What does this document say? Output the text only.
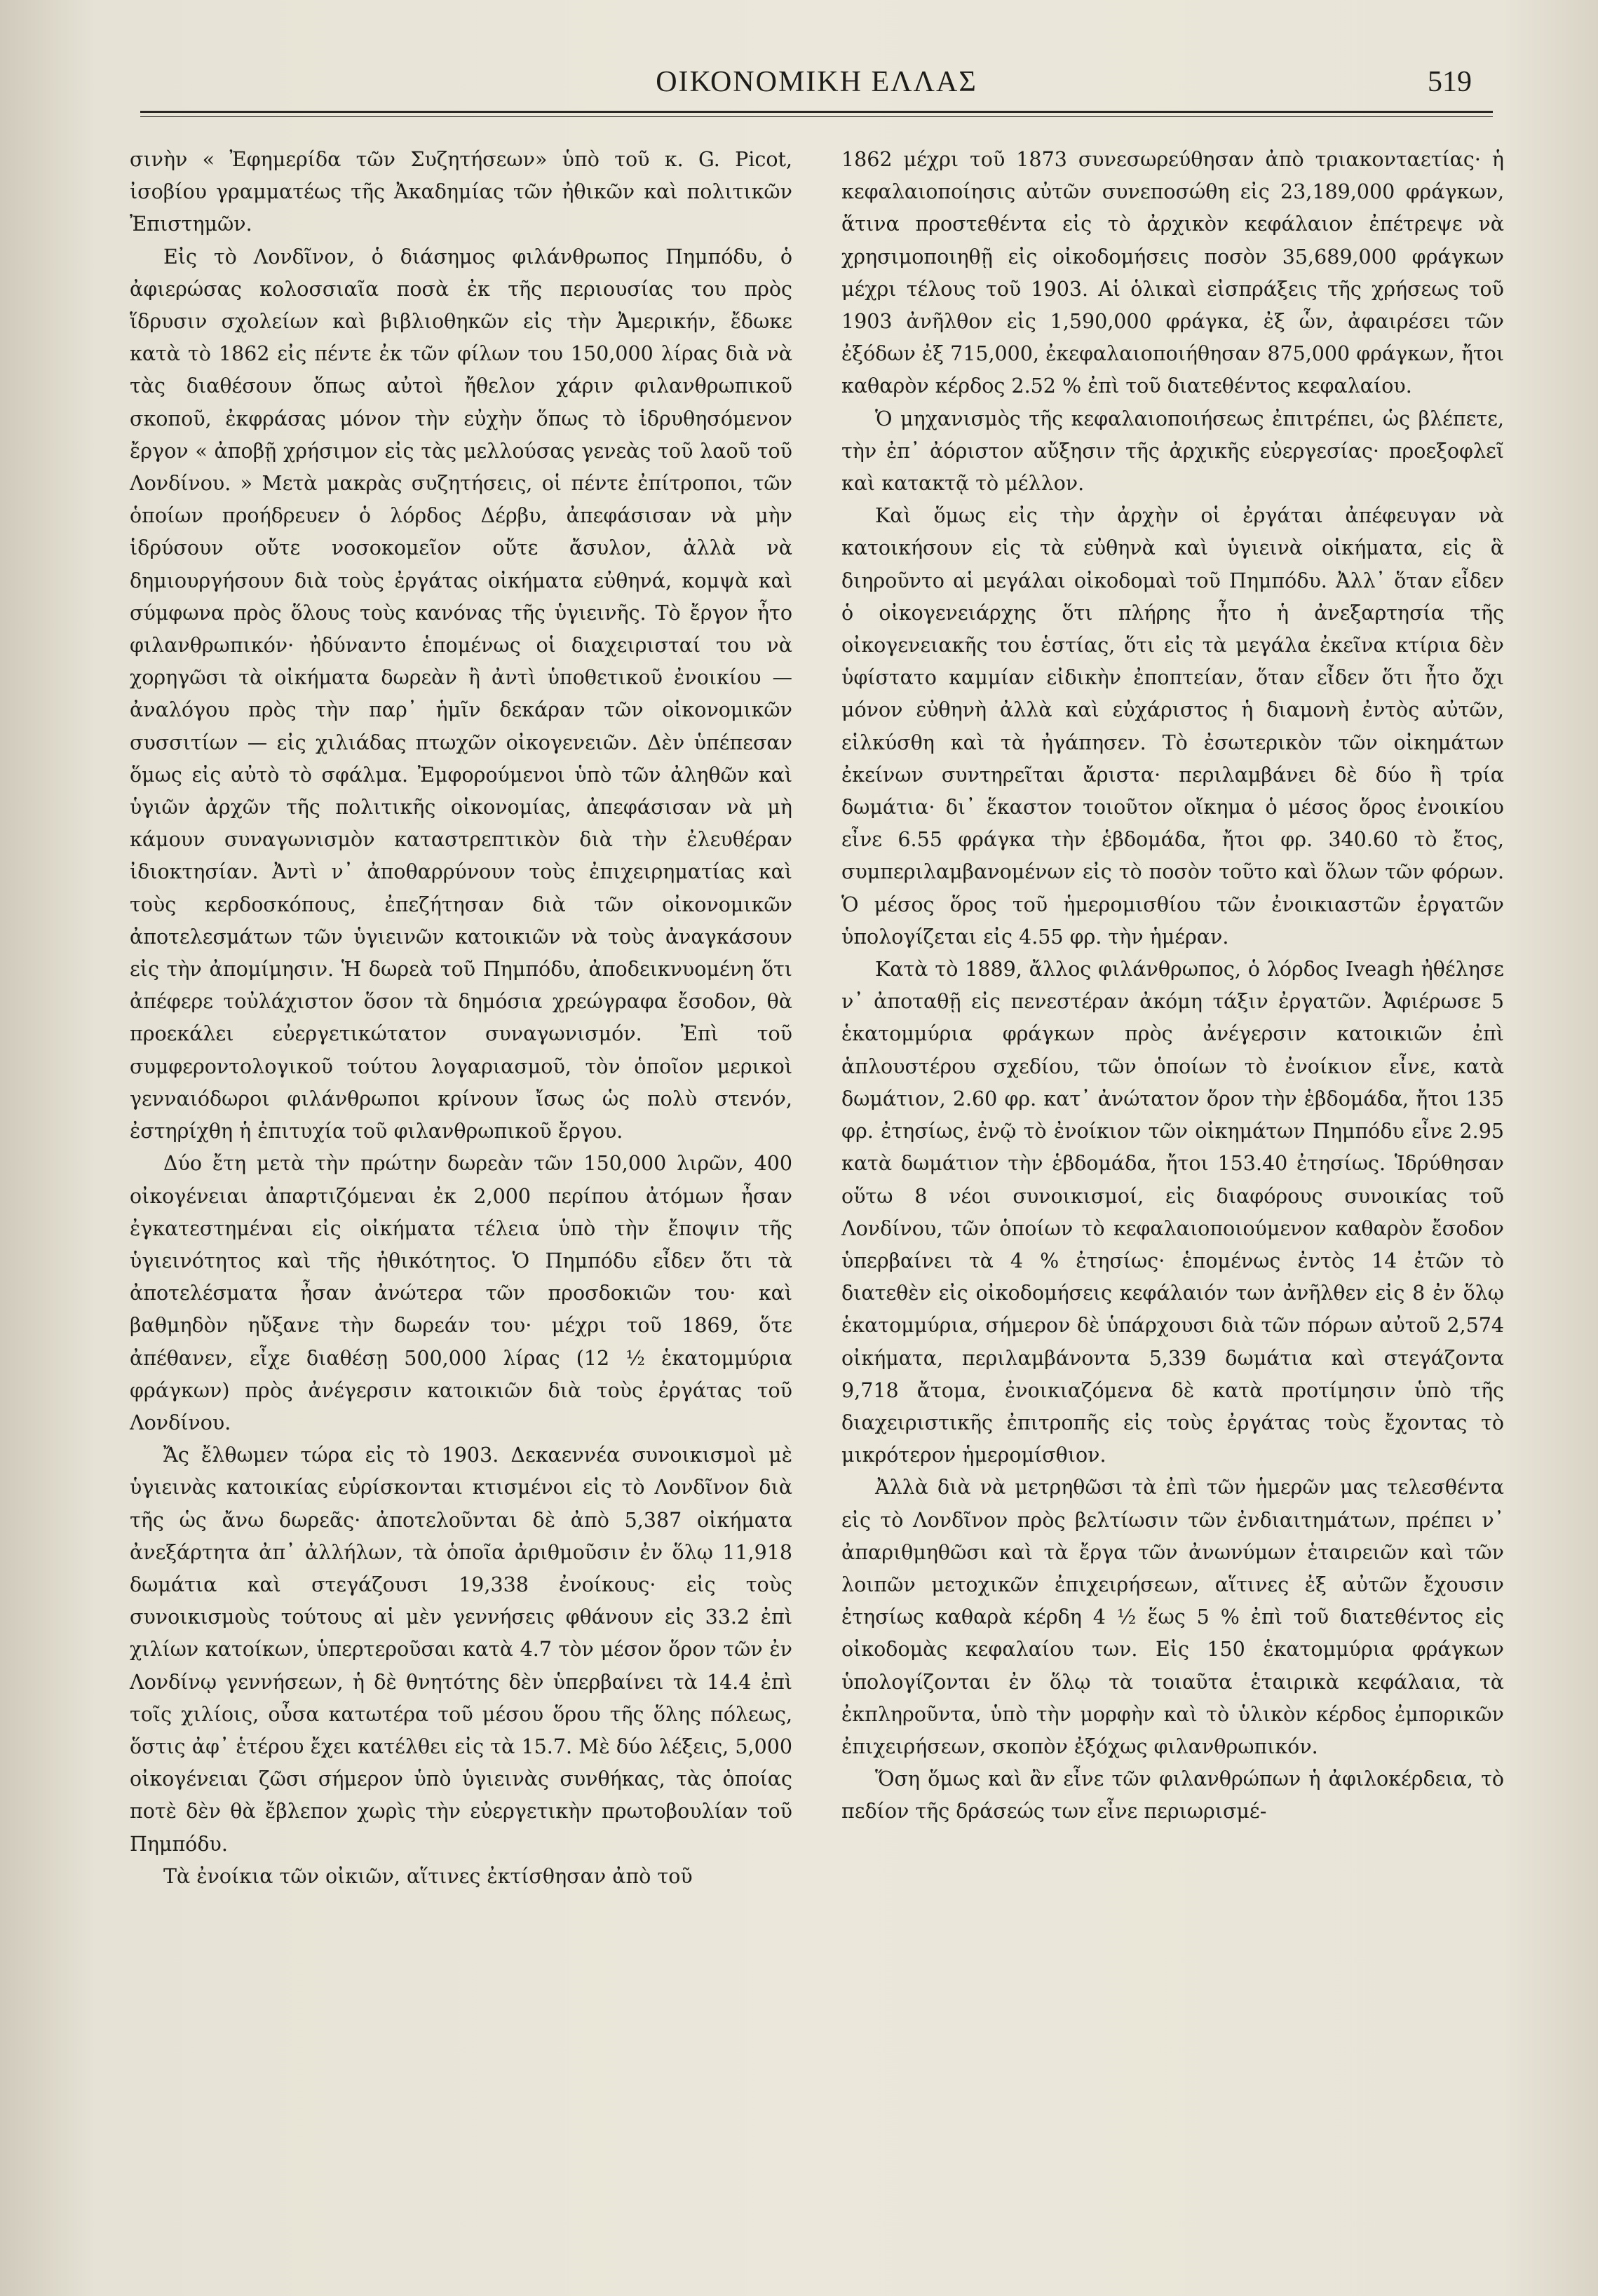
ΟΙΚΟΝΟΜΙΚΗ ΕΛΛΑΣ	519

σινὴν « Ἐφημερίδα τῶν Συζητήσεων» ὑπὸ τοῦ κ. G. Picot, ἰσοβίου γραμματέως τῆς Ἀκαδημίας τῶν ἠθικῶν καὶ πολιτικῶν Ἐπιστημῶν.

Εἰς τὸ Λονδῖνον, ὁ διάσημος φιλάνθρωπος Πημπόδυ, ὁ ἀφιερώσας κολοσσιαῖα ποσὰ ἐκ τῆς περιουσίας του πρὸς ἵδρυσιν σχολείων καὶ βιβλιοθηκῶν εἰς τὴν Ἀμερικήν, ἔδωκε κατὰ τὸ 1862 εἰς πέντε ἐκ τῶν φίλων του 150,000 λίρας διὰ νὰ τὰς διαθέσουν ὅπως αὐτοὶ ἤθελον χάριν φιλανθρωπικοῦ σκοποῦ, ἐκφράσας μόνον τὴν εὐχὴν ὅπως τὸ ἱδρυθησόμενον ἔργον « ἀποβῇ χρήσιμον εἰς τὰς μελλούσας γενεὰς τοῦ λαοῦ τοῦ Λονδίνου. » Μετὰ μακρὰς συζητήσεις, οἱ πέντε ἐπίτροποι, τῶν ὁποίων προήδρευεν ὁ λόρδος Δέρβυ, ἀπεφάσισαν νὰ μὴν ἱδρύσουν οὔτε νοσοκομεῖον οὔτε ἄσυλον, ἀλλὰ νὰ δημιουργήσουν διὰ τοὺς ἐργάτας οἰκήματα εὐθηνά, κομψὰ καὶ σύμφωνα πρὸς ὅλους τοὺς κανόνας τῆς ὑγιεινῆς. Τὸ ἔργον ἦτο φιλανθρωπικόν· ἠδύναντο ἑπομένως οἱ διαχειρισταί του νὰ χορηγῶσι τὰ οἰκήματα δωρεὰν ἢ ἀντὶ ὑποθετικοῦ ἐνοικίου — ἀναλόγου πρὸς τὴν παρ᾽ ἡμῖν δεκάραν τῶν οἰκονομικῶν συσσιτίων — εἰς χιλιάδας πτωχῶν οἰκογενειῶν. Δὲν ὑπέπεσαν ὅμως εἰς αὐτὸ τὸ σφάλμα. Ἐμφορούμενοι ὑπὸ τῶν ἀληθῶν καὶ ὑγιῶν ἀρχῶν τῆς πολιτικῆς οἰκονομίας, ἀπεφάσισαν νὰ μὴ κάμουν συναγωνισμὸν καταστρεπτικὸν διὰ τὴν ἐλευθέραν ἰδιοκτησίαν. Ἀντὶ ν᾽ ἀποθαρρύνουν τοὺς ἐπιχειρηματίας καὶ τοὺς κερδοσκόπους, ἐπεζήτησαν διὰ τῶν οἰκονομικῶν ἀποτελεσμάτων τῶν ὑγιεινῶν κατοικιῶν νὰ τοὺς ἀναγκάσουν εἰς τὴν ἀπομίμησιν. Ἡ δωρεὰ τοῦ Πημπόδυ, ἀποδεικνυομένη ὅτι ἀπέφερε τοὐλάχιστον ὅσον τὰ δημόσια χρεώγραφα ἔσοδον, θὰ προεκάλει εὐεργετικώτατον συναγωνισμόν. Ἐπὶ τοῦ συμφεροντολογικοῦ τούτου λογαριασμοῦ, τὸν ὁποῖον μερικοὶ γενναιόδωροι φιλάνθρωποι κρίνουν ἴσως ὡς πολὺ στενόν, ἐστηρίχθη ἡ ἐπιτυχία τοῦ φιλανθρωπικοῦ ἔργου.

Δύο ἔτη μετὰ τὴν πρώτην δωρεὰν τῶν 150,000 λιρῶν, 400 οἰκογένειαι ἀπαρτιζόμεναι ἐκ 2,000 περίπου ἀτόμων ἦσαν ἐγκατεστημέναι εἰς οἰκήματα τέλεια ὑπὸ τὴν ἔποψιν τῆς ὑγιεινότητος καὶ τῆς ἠθικότητος. Ὁ Πημπόδυ εἶδεν ὅτι τὰ ἀποτελέσματα ἦσαν ἀνώτερα τῶν προσδοκιῶν του· καὶ βαθμηδὸν ηὔξανε τὴν δωρεάν του· μέχρι τοῦ 1869, ὅτε ἀπέθανεν, εἶχε διαθέσῃ 500,000 λίρας (12 ½ ἑκατομμύρια φράγκων) πρὸς ἀνέγερσιν κατοικιῶν διὰ τοὺς ἐργάτας τοῦ Λονδίνου.

Ἄς ἔλθωμεν τώρα εἰς τὸ 1903. Δεκαεννέα συνοικισμοὶ μὲ ὑγιεινὰς κατοικίας εὑρίσκονται κτισμένοι εἰς τὸ Λονδῖνον διὰ τῆς ὡς ἄνω δωρεᾶς· ἀποτελοῦνται δὲ ἀπὸ 5,387 οἰκήματα ἀνεξάρτητα ἀπ᾽ ἀλλήλων, τὰ ὁποῖα ἀριθμοῦσιν ἐν ὅλῳ 11,918 δωμάτια καὶ στεγάζουσι 19,338 ἐνοίκους· εἰς τοὺς συνοικισμοὺς τούτους αἱ μὲν γεννήσεις φθάνουν εἰς 33.2 ἐπὶ χιλίων κατοίκων, ὑπερτεροῦσαι κατὰ 4.7 τὸν μέσον ὅρον τῶν ἐν Λονδίνῳ γεννήσεων, ἡ δὲ θνητότης δὲν ὑπερβαίνει τὰ 14.4 ἐπὶ τοῖς χιλίοις, οὖσα κατωτέρα τοῦ μέσου ὅρου τῆς ὅλης πόλεως, ὅστις ἀφ᾽ ἑτέρου ἔχει κατέλθει εἰς τὰ 15.7. Μὲ δύο λέξεις, 5,000 οἰκογένειαι ζῶσι σήμερον ὑπὸ ὑγιεινὰς συνθήκας, τὰς ὁποίας ποτὲ δὲν θὰ ἔβλεπον χωρὶς τὴν εὐεργετικὴν πρωτοβουλίαν τοῦ Πημπόδυ.

Τὰ ἐνοίκια τῶν οἰκιῶν, αἵτινες ἐκτίσθησαν ἀπὸ τοῦ

1862 μέχρι τοῦ 1873 συνεσωρεύθησαν ἀπὸ τριακονταετίας· ἡ κεφαλαιοποίησις αὐτῶν συνεποσώθη εἰς 23,189,000 φράγκων, ἅτινα προστεθέντα εἰς τὸ ἀρχικὸν κεφάλαιον ἐπέτρεψε νὰ χρησιμοποιηθῇ εἰς οἰκοδομήσεις ποσὸν 35,689,000 φράγκων μέχρι τέλους τοῦ 1903. Αἱ ὁλικαὶ εἰσπράξεις τῆς χρήσεως τοῦ 1903 ἀνῆλθον εἰς 1,590,000 φράγκα, ἐξ ὧν, ἀφαιρέσει τῶν ἐξόδων ἐξ 715,000, ἐκεφαλαιοποιήθησαν 875,000 φράγκων, ἤτοι καθαρὸν κέρδος 2.52 % ἐπὶ τοῦ διατεθέντος κεφαλαίου.

Ὁ μηχανισμὸς τῆς κεφαλαιοποιήσεως ἐπιτρέπει, ὡς βλέπετε, τὴν ἐπ᾽ ἀόριστον αὔξησιν τῆς ἀρχικῆς εὐεργεσίας· προεξοφλεῖ καὶ κατακτᾷ τὸ μέλλον.

Καὶ ὅμως εἰς τὴν ἀρχὴν οἱ ἐργάται ἀπέφευγαν νὰ κατοικήσουν εἰς τὰ εὐθηνὰ καὶ ὑγιεινὰ οἰκήματα, εἰς ἃ διηροῦντο αἱ μεγάλαι οἰκοδομαὶ τοῦ Πημπόδυ. Ἀλλ᾽ ὅταν εἶδεν ὁ οἰκογενειάρχης ὅτι πλήρης ἦτο ἡ ἀνεξαρτησία τῆς οἰκογενειακῆς του ἑστίας, ὅτι εἰς τὰ μεγάλα ἐκεῖνα κτίρια δὲν ὑφίστατο καμμίαν εἰδικὴν ἐποπτείαν, ὅταν εἶδεν ὅτι ἦτο ὄχι μόνον εὐθηνὴ ἀλλὰ καὶ εὐχάριστος ἡ διαμονὴ ἐντὸς αὐτῶν, εἱλκύσθη καὶ τὰ ἠγάπησεν. Τὸ ἐσωτερικὸν τῶν οἰκημάτων ἐκείνων συντηρεῖται ἄριστα· περιλαμβάνει δὲ δύο ἢ τρία δωμάτια· δι᾽ ἕκαστον τοιοῦτον οἴκημα ὁ μέσος ὅρος ἐνοικίου εἶνε 6.55 φράγκα τὴν ἑβδομάδα, ἤτοι φρ. 340.60 τὸ ἔτος, συμπεριλαμβανομένων εἰς τὸ ποσὸν τοῦτο καὶ ὅλων τῶν φόρων. Ὁ μέσος ὅρος τοῦ ἡμερομισθίου τῶν ἐνοικιαστῶν ἐργατῶν ὑπολογίζεται εἰς 4.55 φρ. τὴν ἡμέραν.

Κατὰ τὸ 1889, ἄλλος φιλάνθρωπος, ὁ λόρδος Iveagh ἠθέλησε ν᾽ ἀποταθῇ εἰς πενεστέραν ἀκόμη τάξιν ἐργατῶν. Ἀφιέρωσε 5 ἑκατομμύρια φράγκων πρὸς ἀνέγερσιν κατοικιῶν ἐπὶ ἁπλουστέρου σχεδίου, τῶν ὁποίων τὸ ἐνοίκιον εἶνε, κατὰ δωμάτιον, 2.60 φρ. κατ᾽ ἀνώτατον ὅρον τὴν ἑβδομάδα, ἤτοι 135 φρ. ἐτησίως, ἐνῷ τὸ ἐνοίκιον τῶν οἰκημάτων Πημπόδυ εἶνε 2.95 κατὰ δωμάτιον τὴν ἑβδομάδα, ἤτοι 153.40 ἐτησίως. Ἱδρύθησαν οὕτω 8 νέοι συνοικισμοί, εἰς διαφόρους συνοικίας τοῦ Λονδίνου, τῶν ὁποίων τὸ κεφαλαιοποιούμενον καθαρὸν ἔσοδον ὑπερβαίνει τὰ 4 % ἐτησίως· ἑπομένως ἐντὸς 14 ἐτῶν τὸ διατεθὲν εἰς οἰκοδομήσεις κεφάλαιόν των ἀνῆλθεν εἰς 8 ἐν ὅλῳ ἑκατομμύρια, σήμερον δὲ ὑπάρχουσι διὰ τῶν πόρων αὐτοῦ 2,574 οἰκήματα, περιλαμβάνοντα 5,339 δωμάτια καὶ στεγάζοντα 9,718 ἄτομα, ἐνοικιαζόμενα δὲ κατὰ προτίμησιν ὑπὸ τῆς διαχειριστικῆς ἐπιτροπῆς εἰς τοὺς ἐργάτας τοὺς ἔχοντας τὸ μικρότερον ἡμερομίσθιον.

Ἀλλὰ διὰ νὰ μετρηθῶσι τὰ ἐπὶ τῶν ἡμερῶν μας τελεσθέντα εἰς τὸ Λονδῖνον πρὸς βελτίωσιν τῶν ἐνδιαιτημάτων, πρέπει ν᾽ ἀπαριθμηθῶσι καὶ τὰ ἔργα τῶν ἀνωνύμων ἑταιρειῶν καὶ τῶν λοιπῶν μετοχικῶν ἐπιχειρήσεων, αἵτινες ἐξ αὐτῶν ἔχουσιν ἐτησίως καθαρὰ κέρδη 4 ½ ἕως 5 % ἐπὶ τοῦ διατεθέντος εἰς οἰκοδομὰς κεφαλαίου των. Εἰς 150 ἑκατομμύρια φράγκων ὑπολογίζονται ἐν ὅλῳ τὰ τοιαῦτα ἑταιρικὰ κεφάλαια, τὰ ἐκπληροῦντα, ὑπὸ τὴν μορφὴν καὶ τὸ ὑλικὸν κέρδος ἐμπορικῶν ἐπιχειρήσεων, σκοπὸν ἐξόχως φιλανθρωπικόν.

Ὅση ὅμως καὶ ἂν εἶνε τῶν φιλανθρώπων ἡ ἀφιλοκέρδεια, τὸ πεδίον τῆς δράσεώς των εἶνε περιωρισμέ-
